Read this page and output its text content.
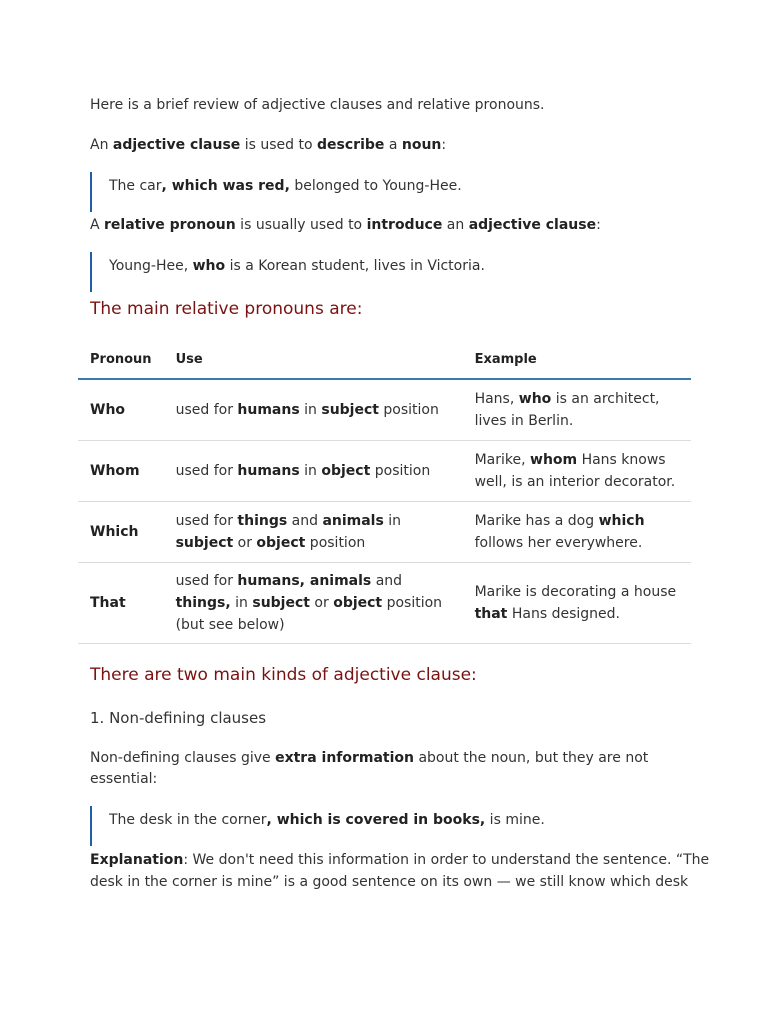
Here is a brief review of adjective clauses and relative pronouns.
An adjective clause is used to describe a noun:
The car, which was red, belonged to Young-Hee.
A relative pronoun is usually used to introduce an adjective clause:
Young-Hee, who is a Korean student, lives in Victoria.
The main relative pronouns are:
Pronoun	Use	Example
Who	used for humans in subject position	Hans, who is an architect, lives in Berlin.
Whom	used for humans in object position	Marike, whom Hans knows well, is an interior decorator.
Which	used for things and animals in subject or object position	Marike has a dog which follows her everywhere.
That	used for humans, animals and things, in subject or object position (but see below)	Marike is decorating a house that Hans designed.
There are two main kinds of adjective clause:
1. Non-defining clauses
Non-defining clauses give extra information about the noun, but they are not
essential:
The desk in the corner, which is covered in books, is mine.
Explanation: We don't need this information in order to understand the sentence. “The
desk in the corner is mine” is a good sentence on its own — we still know which desk
